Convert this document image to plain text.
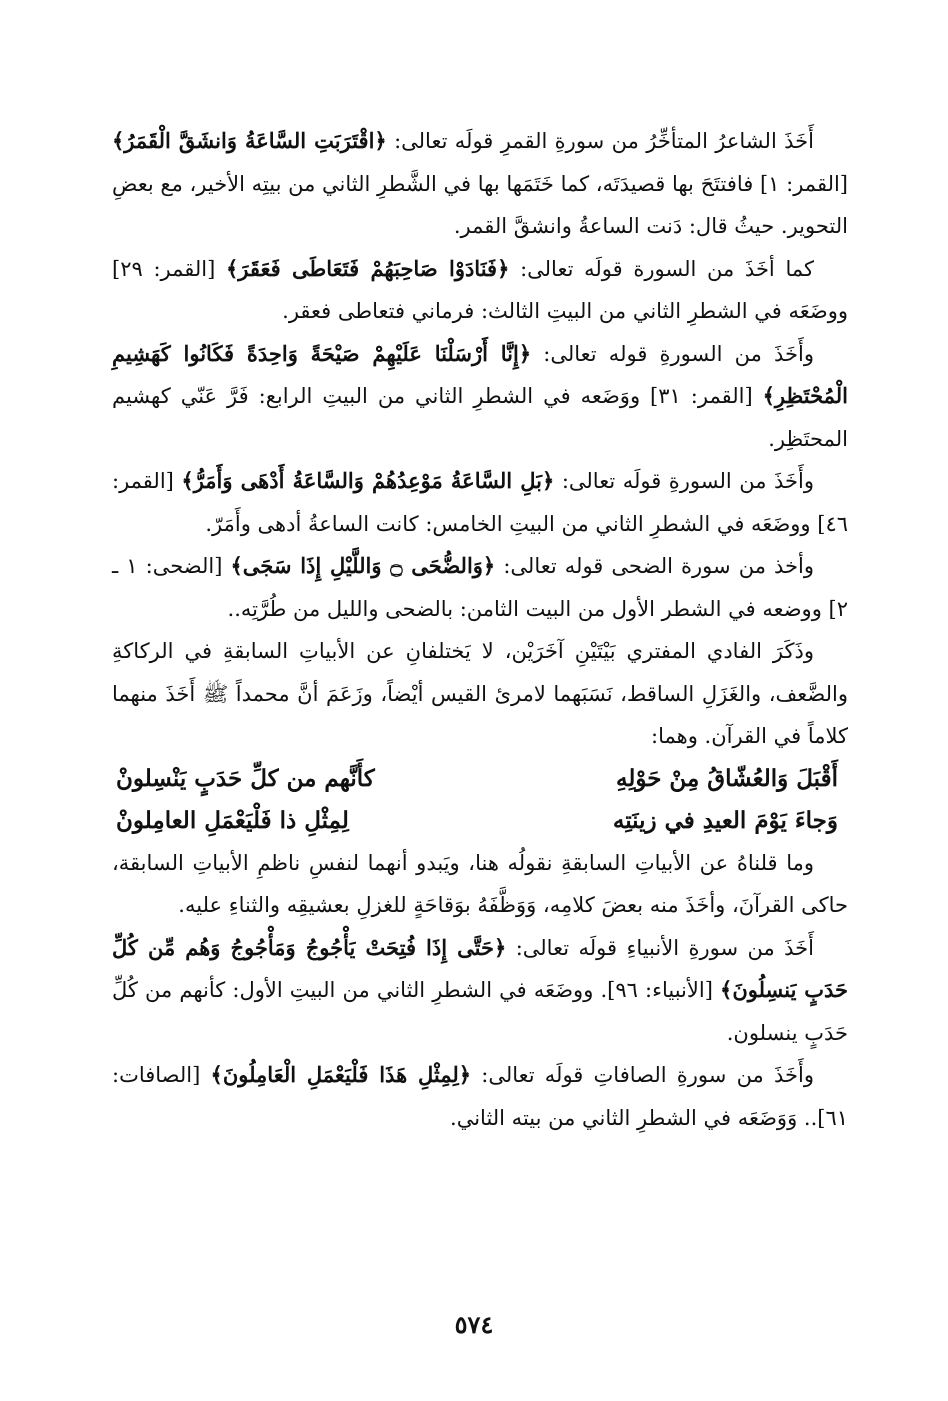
أَخَذَ الشاعرُ المتأخِّرُ من سورةِ القمرِ قولَه تعالى: ﴿اقْتَرَبَتِ السَّاعَةُ وَانشَقَّ الْقَمَرُ﴾ [القمر: ١] فافتتَحَ بها قصيدَتَه، كما خَتَمَها بها في الشَّطرِ الثاني من بيتِه الأخير، مع بعضِ التحوير. حيثُ قال: دَنت الساعةُ وانشقَّ القمر.

كما أخَذَ من السورة قولَه تعالى: ﴿فَنَادَوْا صَاحِبَهُمْ فَتَعَاطَى فَعَقَرَ﴾ [القمر: ٢٩] ووضَعَه في الشطرِ الثاني من البيتِ الثالث: فرماني فتعاطى فعقر.

وأَخَذَ من السورةِ قوله تعالى: ﴿إِنَّا أَرْسَلْنَا عَلَيْهِمْ صَيْحَةً وَاحِدَةً فَكَانُوا كَهَشِيمِ الْمُحْتَظِرِ﴾ [القمر: ٣١] ووَضَعه في الشطرِ الثاني من البيتِ الرابع: فَرَّ عَنّي كهشيم المحتَظِر.

وأَخَذَ من السورةِ قولَه تعالى: ﴿بَلِ السَّاعَةُ مَوْعِدُهُمْ وَالسَّاعَةُ أَدْهَى وَأَمَرُّ﴾ [القمر: ٤٦] ووضَعَه في الشطرِ الثاني من البيتِ الخامس: كانت الساعةُ أدهى وأَمَرّ.

وأخذ من سورة الضحى قوله تعالى: ﴿وَالضُّحَى ۝ وَاللَّيْلِ إِذَا سَجَى﴾ [الضحى: ١ ـ ٢] ووضعه في الشطر الأول من البيت الثامن: بالضحى والليل من طُرَّتِه..

وذَكَرَ الفادي المفتري بَيْتَيْنِ آخَرَيْن، لا يَختلفانِ عن الأبياتِ السابقةِ في الركاكةِ والضَّعف، والغَزَلِ الساقط، نَسَبَهما لامرئ القيس أيْضاً، وزَعَمَ أنَّ محمداً ﷺ أَخَذَ منهما كلاماً في القرآن. وهما:

أَقْبَلَ وَالعُشّاقُ مِنْ حَوْلِهِ
كأَنَّهم من كلِّ حَدَبٍ يَنْسِلونْ
وَجاءَ يَوْمَ العيدِ في زينَتِه
لِمِثْلِ ذا فَلْيَعْمَلِ العامِلونْ

وما قلناهُ عن الأبياتِ السابقةِ نقولُه هنا، ويَبدو أنهما لنفسِ ناظمِ الأبياتِ السابقة، حاكى القرآنَ، وأخَذَ منه بعضَ كلامِه، وَوَظَّفَهُ بوَقاحَةٍ للغزلِ بعشيقِه والثناءِ عليه.

أَخَذَ من سورةِ الأنبياءِ قولَه تعالى: ﴿حَتَّى إِذَا فُتِحَتْ يَأْجُوجُ وَمَأْجُوجُ وَهُم مِّن كُلِّ حَدَبٍ يَنسِلُونَ﴾ [الأنبياء: ٩٦]. ووضَعَه في الشطرِ الثاني من البيتِ الأول: كأنهم من كُلِّ حَدَبٍ ينسلون.

وأَخَذَ من سورةِ الصافاتِ قولَه تعالى: ﴿لِمِثْلِ هَذَا فَلْيَعْمَلِ الْعَامِلُونَ﴾ [الصافات: ٦١].. وَوَضَعَه في الشطرِ الثاني من بيته الثاني.

٥٧٤
